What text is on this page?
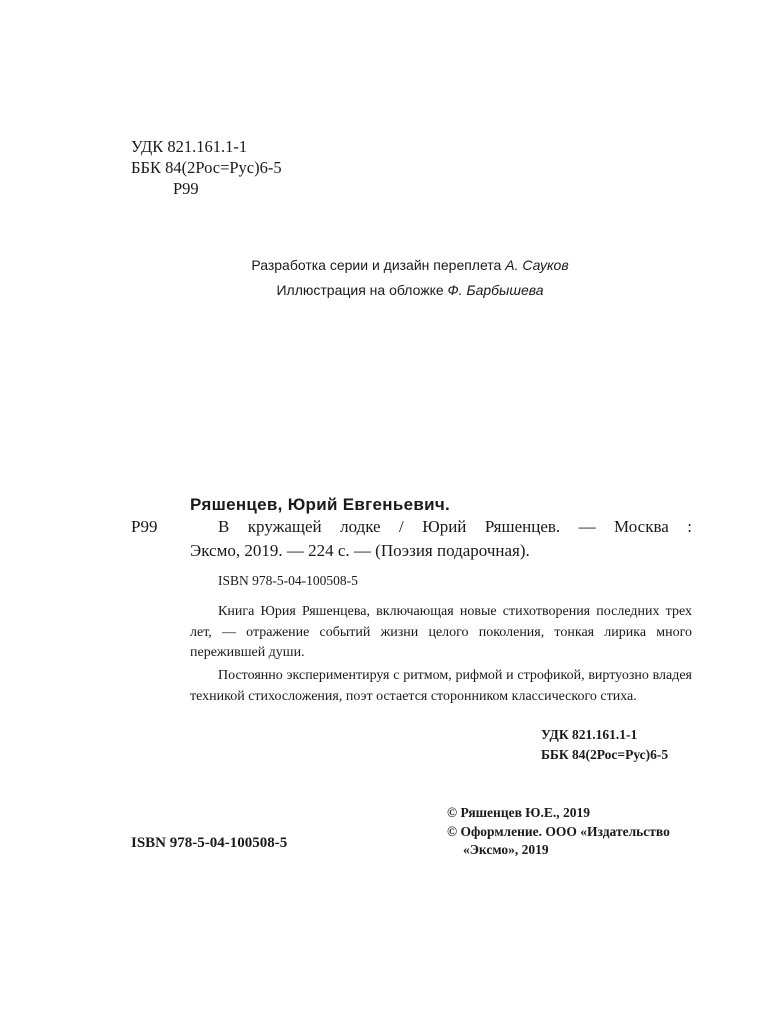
УДК 821.161.1-1
ББК 84(2Рос=Рус)6-5
Р99
Разработка серии и дизайн переплета А. Сауков
Иллюстрация на обложке Ф. Барбышева
Ряшенцев, Юрий Евгеньевич.
Р99	В кружащей лодке / Юрий Ряшенцев. — Москва :
Эксмо, 2019. — 224 с. — (Поэзия подарочная).
ISBN 978-5-04-100508-5

Книга Юрия Ряшенцева, включающая новые стихотворения последних трех лет, — отражение событий жизни целого поколения, тонкая лирика много пережившей души.

Постоянно экспериментируя с ритмом, рифмой и строфикой, виртуозно владея техникой стихосложения, поэт остается сторонником классического стиха.

УДК 821.161.1-1
ББК 84(2Рос=Рус)6-5
© Ряшенцев Ю.Е., 2019
© Оформление. ООО «Издательство
«Эксмо», 2019
ISBN 978-5-04-100508-5
